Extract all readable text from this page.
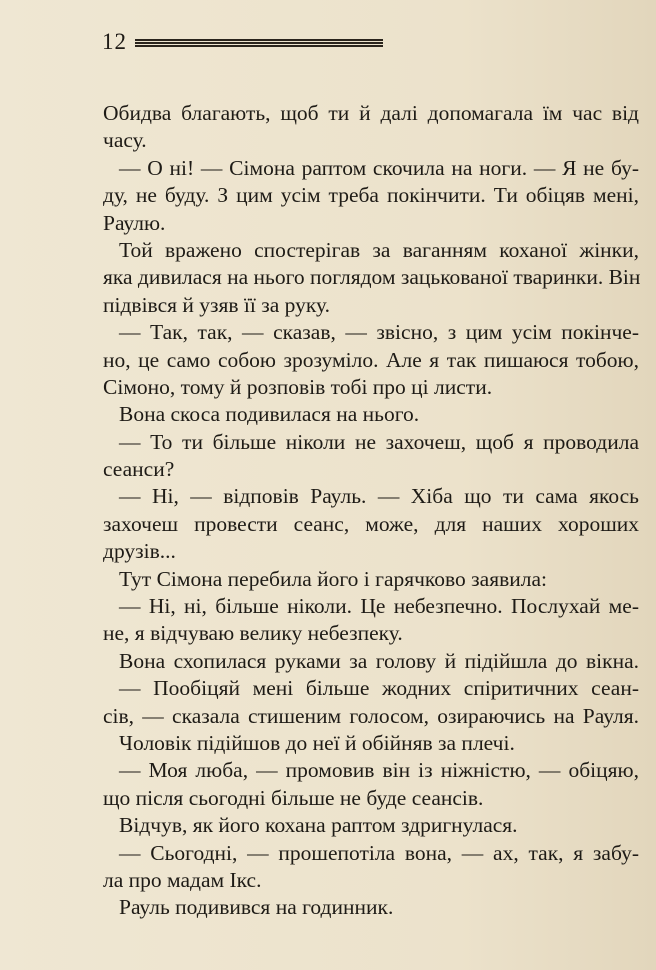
12
Обидва благають, щоб ти й далі допомагала їм час від
часу.
— О ні! — Сімона раптом скочила на ноги. — Я не бу-
ду, не буду. З цим усім треба покінчити. Ти обіцяв мені,
Раулю.
Той вражено спостерігав за ваганням коханої жінки,
яка дивилася на нього поглядом зацькованої тваринки. Він
підвівся й узяв її за руку.
— Так, так, — сказав, — звісно, з цим усім покінче-
но, це само собою зрозуміло. Але я так пишаюся тобою,
Сімоно, тому й розповів тобі про ці листи.
Вона скоса подивилася на нього.
— То ти більше ніколи не захочеш, щоб я проводила
сеанси?
— Ні, — відповів Рауль. — Хіба що ти сама якось
захочеш провести сеанс, може, для наших хороших
друзів...
Тут Сімона перебила його і гарячково заявила:
— Ні, ні, більше ніколи. Це небезпечно. Послухай ме-
не, я відчуваю велику небезпеку.
Вона схопилася руками за голову й підійшла до вікна.
— Пообіцяй мені більше жодних спіритичних сеан-
сів, — сказала стишеним голосом, озираючись на Рауля.
Чоловік підійшов до неї й обійняв за плечі.
— Моя люба, — промовив він із ніжністю, — обіцяю,
що після сьогодні більше не буде сеансів.
Відчув, як його кохана раптом здригнулася.
— Сьогодні, — прошепотіла вона, — ах, так, я забу-
ла про мадам Ікс.
Рауль подивився на годинник.
